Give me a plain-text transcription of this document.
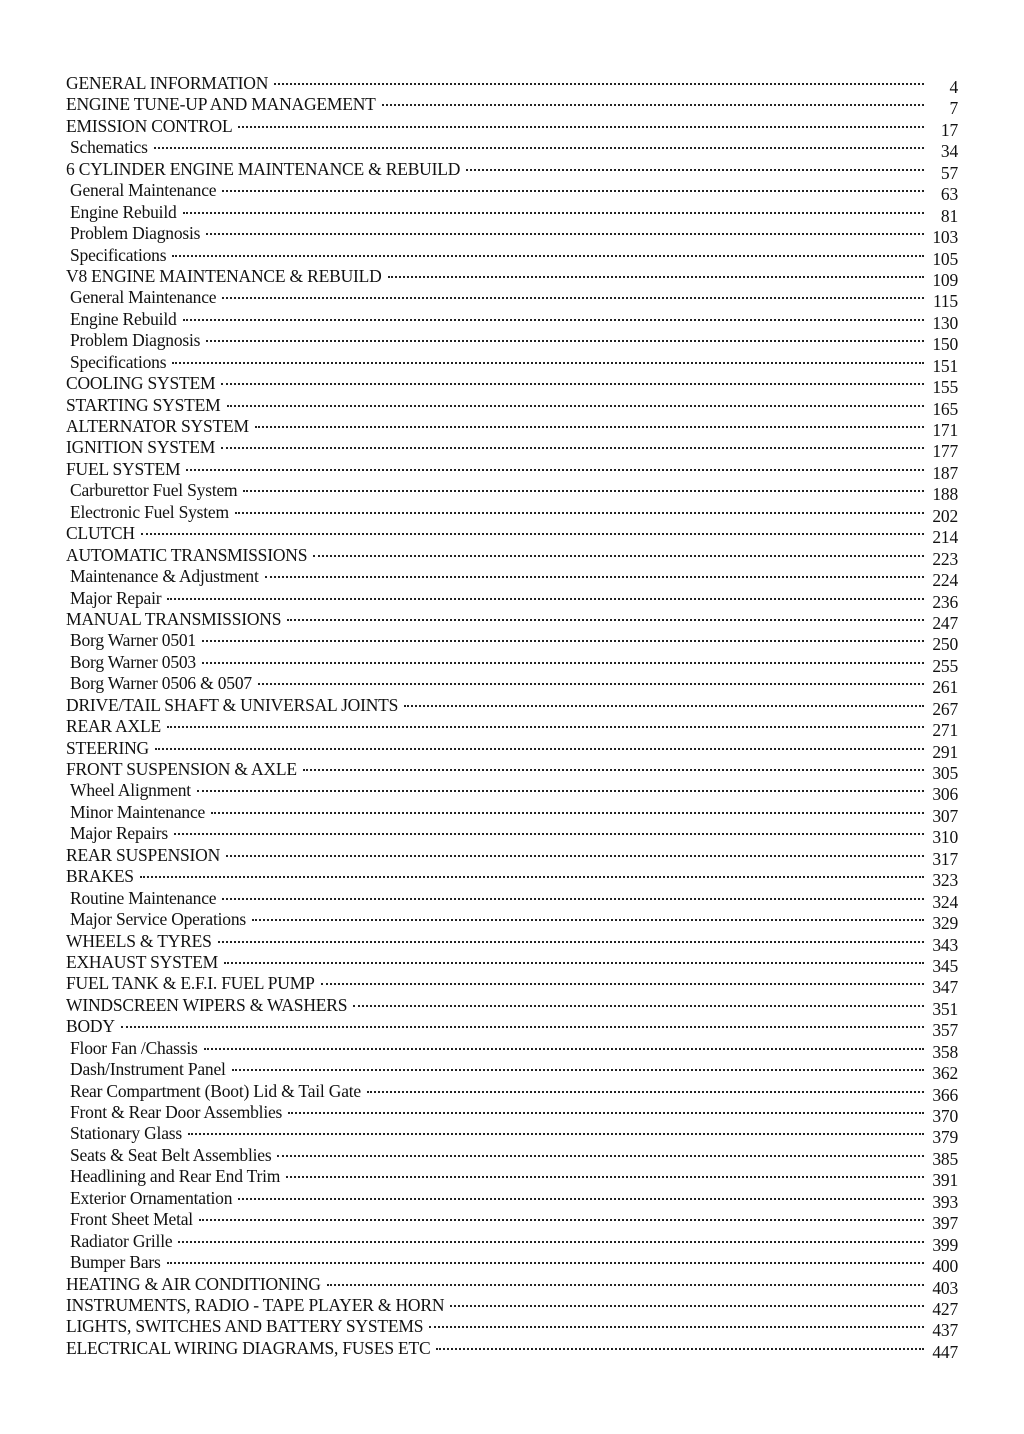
GENERAL INFORMATION	4
ENGINE TUNE-UP AND MANAGEMENT	7
EMISSION CONTROL	17
Schematics	34
6 CYLINDER ENGINE MAINTENANCE & REBUILD	57
General Maintenance	63
Engine Rebuild	81
Problem Diagnosis	103
Specifications	105
V8 ENGINE MAINTENANCE & REBUILD	109
General Maintenance	115
Engine Rebuild	130
Problem Diagnosis	150
Specifications	151
COOLING SYSTEM	155
STARTING SYSTEM	165
ALTERNATOR SYSTEM	171
IGNITION SYSTEM	177
FUEL SYSTEM	187
Carburettor Fuel System	188
Electronic Fuel System	202
CLUTCH	214
AUTOMATIC TRANSMISSIONS	223
Maintenance & Adjustment	224
Major Repair	236
MANUAL TRANSMISSIONS	247
Borg Warner 0501	250
Borg Warner 0503	255
Borg Warner 0506 & 0507	261
DRIVE/TAIL SHAFT & UNIVERSAL JOINTS	267
REAR AXLE	271
STEERING	291
FRONT SUSPENSION & AXLE	305
Wheel Alignment	306
Minor Maintenance	307
Major Repairs	310
REAR SUSPENSION	317
BRAKES	323
Routine Maintenance	324
Major Service Operations	329
WHEELS & TYRES	343
EXHAUST SYSTEM	345
FUEL TANK & E.F.I. FUEL PUMP	347
WINDSCREEN WIPERS & WASHERS	351
BODY	357
Floor Fan /Chassis	358
Dash/Instrument Panel	362
Rear Compartment (Boot) Lid & Tail Gate	366
Front & Rear Door Assemblies	370
Stationary Glass	379
Seats & Seat Belt Assemblies	385
Headlining and Rear End Trim	391
Exterior Ornamentation	393
Front Sheet Metal	397
Radiator Grille	399
Bumper Bars	400
HEATING & AIR CONDITIONING	403
INSTRUMENTS, RADIO - TAPE PLAYER & HORN	427
LIGHTS, SWITCHES AND BATTERY SYSTEMS	437
ELECTRICAL WIRING DIAGRAMS, FUSES ETC	447
